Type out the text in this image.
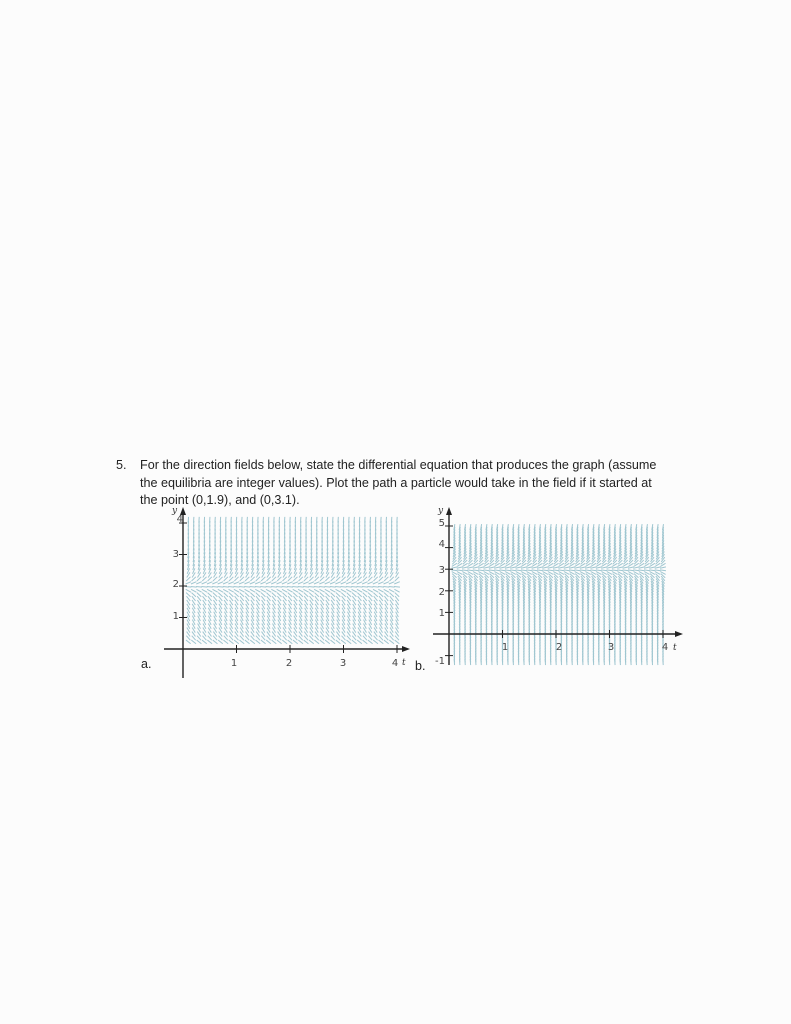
5. For the direction fields below, state the differential equation that produces the graph (assume
the equilibria are integer values). Plot the path a particle would take in the field if it started at
the point (0,1.9), and (0,3.1).
a.	b.
y
t
1	2	3	4
1
2
3
4
y
t
1	2	3	4
-1
1
2
3
4
5
